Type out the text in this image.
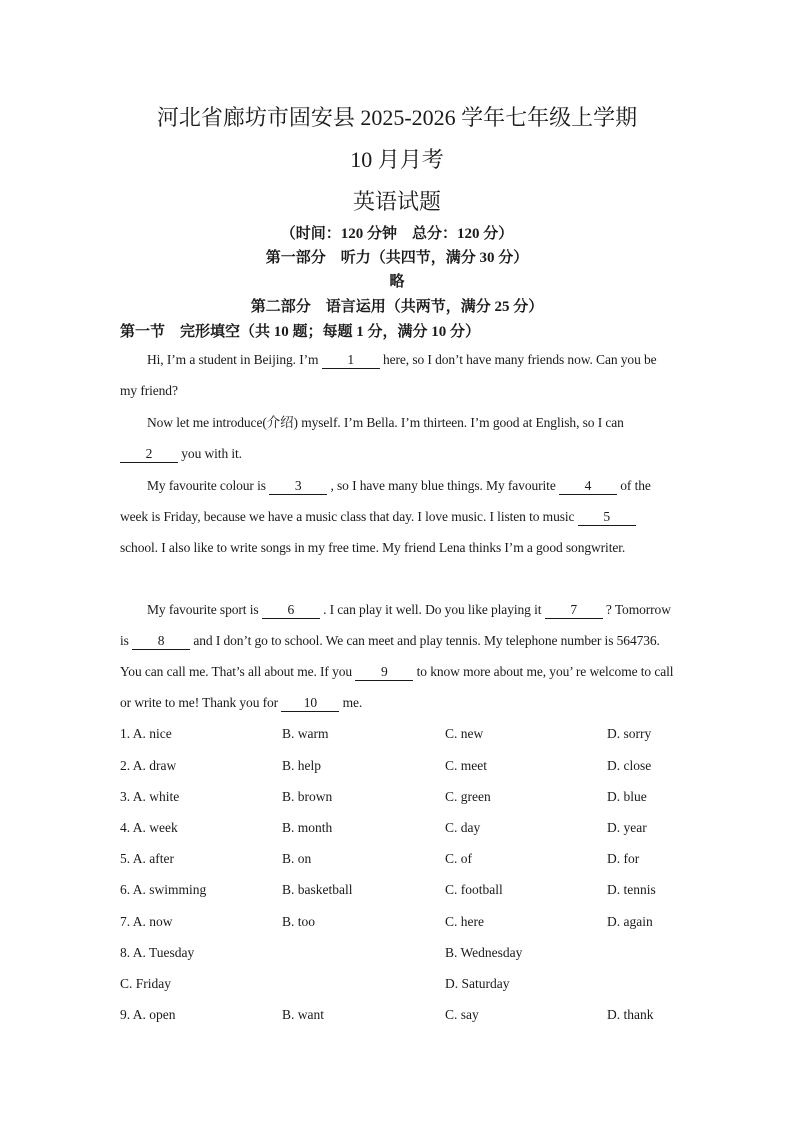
河北省廊坊市固安县 2025-2026 学年七年级上学期
10 月月考
英语试题
（时间：120 分钟　总分：120 分）
第一部分　听力（共四节，满分 30 分）
略
第二部分　语言运用（共两节，满分 25 分）
第一节　完形填空（共 10 题；每题 1 分，满分 10 分）
Hi, I’m a student in Beijing. I’m 1 here, so I don’t have many friends now. Can you be my friend?
Now let me introduce(介绍) myself. I’m Bella. I’m thirteen. I’m good at English, so I can 2 you with it.
My favourite colour is 3 , so I have many blue things. My favourite 4 of the week is Friday, because we have a music class that day. I love music. I listen to music 5 school. I also like to write songs in my free time. My friend Lena thinks I’m a good songwriter.
My favourite sport is 6 . I can play it well. Do you like playing it 7 ? Tomorrow is 8 and I don’t go to school. We can meet and play tennis. My telephone number is 564736. You can call me. That’s all about me. If you 9 to know more about me, you’ re welcome to call or write to me! Thank you for 10 me.
1. A. nice	B. warm	C. new	D. sorry
2. A. draw	B. help	C. meet	D. close
3. A. white	B. brown	C. green	D. blue
4. A. week	B. month	C. day	D. year
5. A. after	B. on	C. of	D. for
6. A. swimming	B. basketball	C. football	D. tennis
7. A. now	B. too	C. here	D. again
8. A. Tuesday	B. Wednesday
C. Friday	D. Saturday
9. A. open	B. want	C. say	D. thank
